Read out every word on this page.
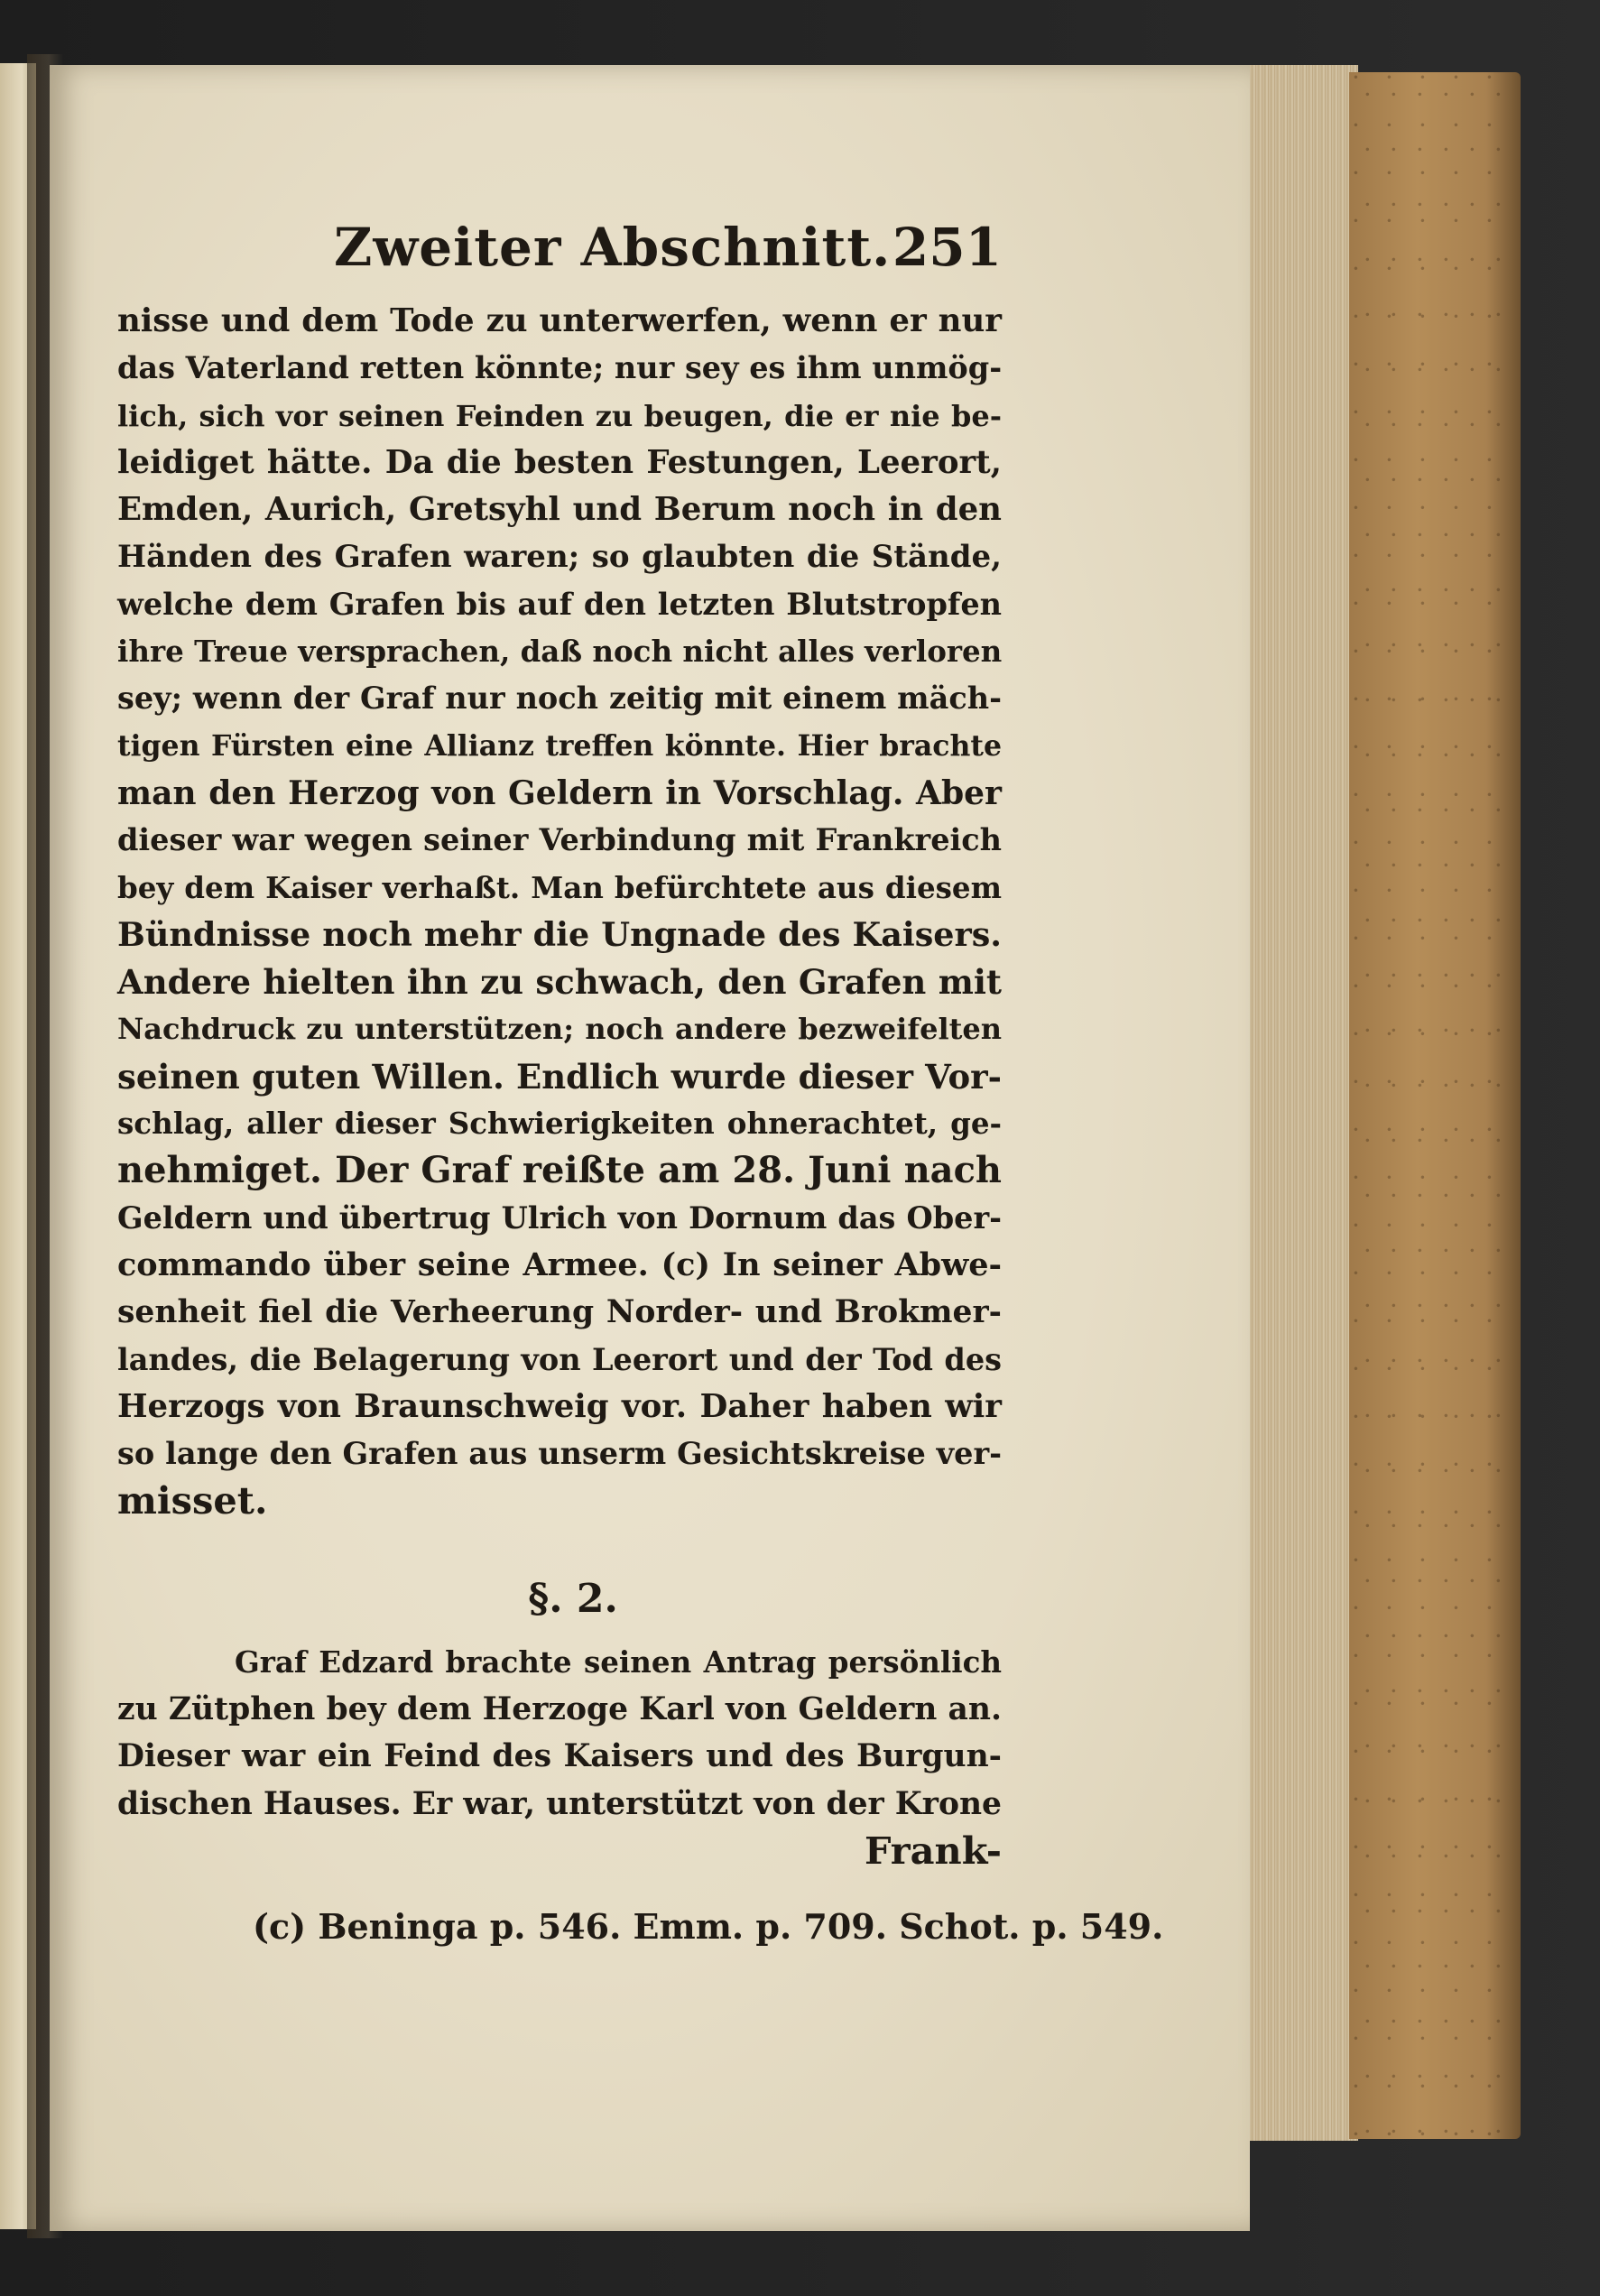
Zweiter Abschnitt. 251
nisse und dem Tode zu unterwerfen, wenn er nur
das Vaterland retten könnte; nur sey es ihm unmög-
lich, sich vor seinen Feinden zu beugen, die er nie be-
leidiget hätte. Da die besten Festungen, Leerort,
Emden, Aurich, Gretsyhl und Berum noch in den
Händen des Grafen waren; so glaubten die Stände,
welche dem Grafen bis auf den letzten Blutstropfen
ihre Treue versprachen, daß noch nicht alles verloren
sey; wenn der Graf nur noch zeitig mit einem mäch-
tigen Fürsten eine Allianz treffen könnte. Hier brachte
man den Herzog von Geldern in Vorschlag. Aber
dieser war wegen seiner Verbindung mit Frankreich
bey dem Kaiser verhaßt. Man befürchtete aus diesem
Bündnisse noch mehr die Ungnade des Kaisers.
Andere hielten ihn zu schwach, den Grafen mit
Nachdruck zu unterstützen; noch andere bezweifelten
seinen guten Willen. Endlich wurde dieser Vor-
schlag, aller dieser Schwierigkeiten ohnerachtet, ge-
nehmiget. Der Graf reißte am 28. Juni nach
Geldern und übertrug Ulrich von Dornum das Ober-
commando über seine Armee. (c) In seiner Abwe-
senheit fiel die Verheerung Norder- und Brokmer-
landes, die Belagerung von Leerort und der Tod des
Herzogs von Braunschweig vor. Daher haben wir
so lange den Grafen aus unserm Gesichtskreise ver-
misset.
§. 2.
Graf Edzard brachte seinen Antrag persönlich
zu Zütphen bey dem Herzoge Karl von Geldern an.
Dieser war ein Feind des Kaisers und des Burgun-
dischen Hauses. Er war, unterstützt von der Krone
Frank-
(c) Beninga p. 546. Emm. p. 709. Schot. p. 549.
